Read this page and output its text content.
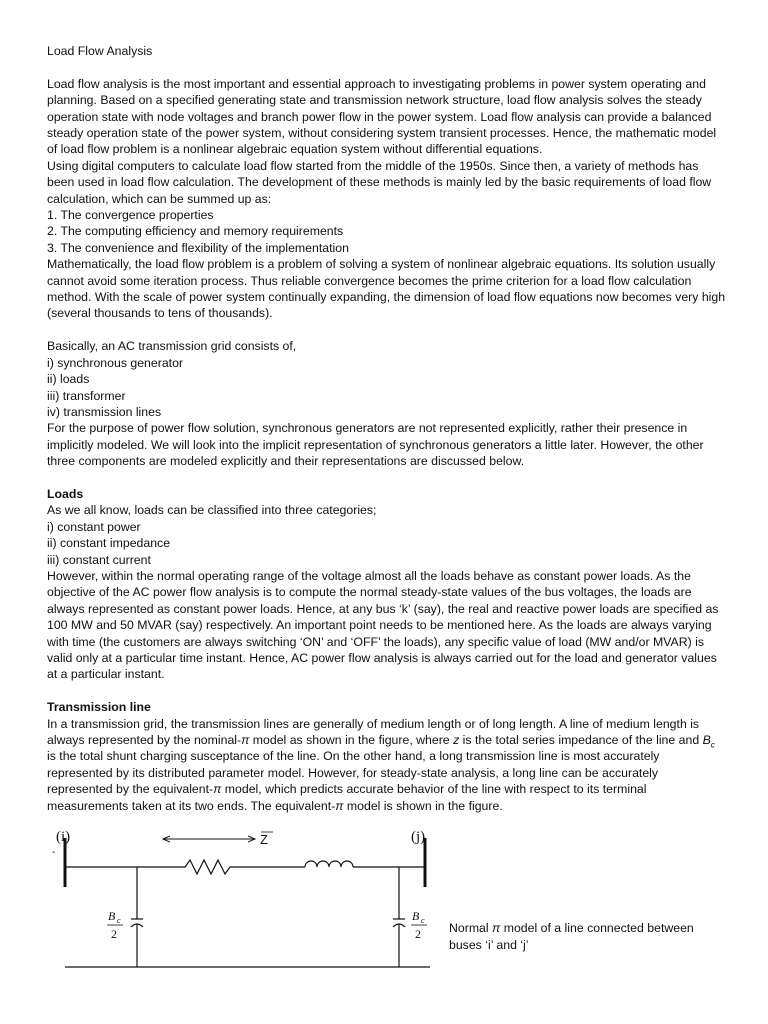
Load Flow Analysis

Load flow analysis is the most important and essential approach to investigating problems in power system operating and planning. Based on a specified generating state and transmission network structure, load flow analysis solves the steady operation state with node voltages and branch power flow in the power system. Load flow analysis can provide a balanced steady operation state of the power system, without considering system transient processes. Hence, the mathematic model of load flow problem is a nonlinear algebraic equation system without differential equations.

Using digital computers to calculate load flow started from the middle of the 1950s. Since then, a variety of methods has been used in load flow calculation. The development of these methods is mainly led by the basic requirements of load flow calculation, which can be summed up as:

1. The convergence properties

2. The computing efficiency and memory requirements

3. The convenience and flexibility of the implementation

Mathematically, the load flow problem is a problem of solving a system of nonlinear algebraic equations. Its solution usually cannot avoid some iteration process. Thus reliable convergence becomes the prime criterion for a load flow calculation method. With the scale of power system continually expanding, the dimension of load flow equations now becomes very high (several thousands to tens of thousands).

Basically, an AC transmission grid consists of,

i) synchronous generator

ii) loads

iii) transformer

iv) transmission lines

For the purpose of power flow solution, synchronous generators are not represented explicitly, rather their presence in implicitly modeled. We will look into the implicit representation of synchronous generators a little later. However, the other three components are modeled explicitly and their representations are discussed below.

Loads

As we all know, loads can be classified into three categories;

i) constant power

ii) constant impedance

iii) constant current

However, within the normal operating range of the voltage almost all the loads behave as constant power loads. As the objective of the AC power flow analysis is to compute the normal steady-state values of the bus voltages, the loads are always represented as constant power loads. Hence, at any bus ‘k’ (say), the real and reactive power loads are specified as 100 MW and 50 MVAR (say) respectively. An important point needs to be mentioned here. As the loads are always varying with time (the customers are always switching ‘ON’ and ‘OFF’ the loads), any specific value of load (MW and/or MVAR) is valid only at a particular time instant. Hence, AC power flow analysis is always carried out for the load and generator values at a particular instant.

Transmission line

In a transmission grid, the transmission lines are generally of medium length or of long length. A line of medium length is always represented by the nominal-π model as shown in the figure, where z is the total series impedance of the line and $B_c$ is the total shunt charging susceptance of the line. On the other hand, a long transmission line is most accurately represented by its distributed parameter model. However, for steady-state analysis, a long line can be accurately represented by the equivalent-π model, which predicts accurate behavior of the line with respect to its terminal measurements taken at its two ends. The equivalent-π model is shown in the figure.

(i)	(j)
-
Z
B c
2
B c
2 Normal π model of a line connected between buses ‘i’ and ‘j’
